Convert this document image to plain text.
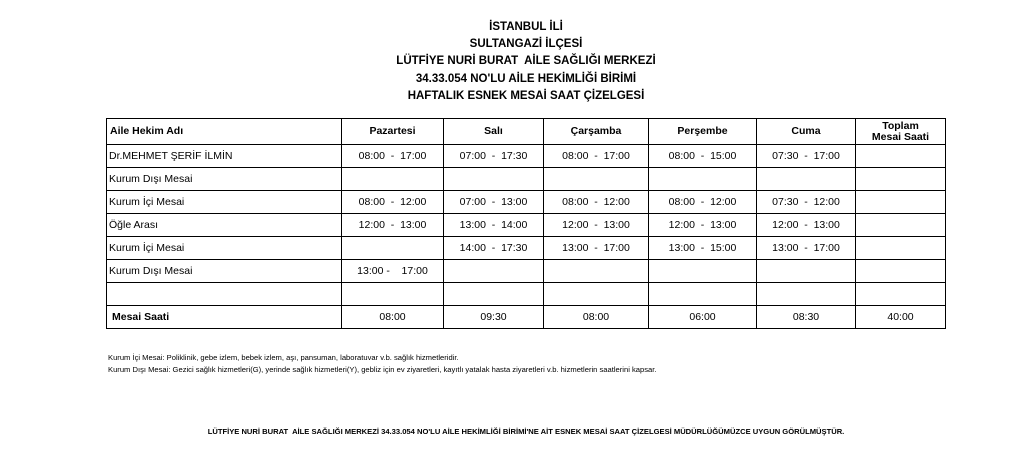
İSTANBUL İLİ
SULTANGAZİ İLÇESİ
LÜTFİYE NURİ BURAT  AİLE SAĞLIĞI MERKEZİ
34.33.054 NO'LU AİLE HEKİMLİĞİ BİRİMİ
HAFTALIK ESNEK MESAİ SAAT ÇİZELGESİ
Aile Hekim Adı	Pazartesi	Salı	Çarşamba	Perşembe	Cuma	Toplam
Mesai Saati
Dr.MEHMET ŞERİF İLMİN	08:00  -  17:00	07:00  -  17:30	08:00  -  17:00	08:00  -  15:00	07:30  -  17:00	
Kurum Dışı Mesai						
Kurum İçi Mesai	08:00  -  12:00	07:00  -  13:00	08:00  -  12:00	08:00  -  12:00	07:30  -  12:00	
Öğle Arası	12:00  -  13:00	13:00  -  14:00	12:00  -  13:00	12:00  -  13:00	12:00  -  13:00	
Kurum İçi Mesai		14:00  -  17:30	13:00  -  17:00	13:00  -  15:00	13:00  -  17:00	
Kurum Dışı Mesai	13:00 -    17:00					

Mesai Saati	08:00	09:30	08:00	06:00	08:30	40:00
Kurum İçi Mesai: Poliklinik, gebe izlem, bebek izlem, aşı, pansuman, laboratuvar v.b. sağlık hizmetleridir.
Kurum Dışı Mesai: Gezici sağlık hizmetleri(G), yerinde sağlık hizmetleri(Y), gebliz için ev ziyaretleri, kayıtlı yatalak hasta ziyaretleri v.b. hizmetlerin saatlerini kapsar.
LÜTFİYE NURİ BURAT  AİLE SAĞLIĞI MERKEZİ 34.33.054 NO'LU AİLE HEKİMLİĞİ BİRİMİ'NE AİT ESNEK MESAİ SAAT ÇİZELGESİ MÜDÜRLÜĞÜMÜZCE UYGUN GÖRÜLMÜŞTÜR.
